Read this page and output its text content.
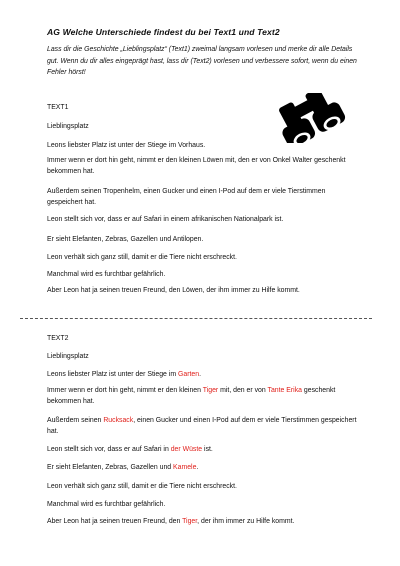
AG Welche Unterschiede findest du bei Text1 und Text2
Lass dir die Geschichte „Lieblingsplatz“ (Text1) zweimal langsam vorlesen und merke dir alle Details gut. Wenn du dir alles eingeprägt hast, lass dir (Text2) vorlesen und verbessere sofort, wenn du einen Fehler hörst!

TEXT1

Lieblingsplatz

Leons liebster Platz ist unter der Stiege im Vorhaus.

Immer wenn er dort hin geht, nimmt er den kleinen Löwen mit, den er von Onkel Walter geschenkt bekommen hat.

Außerdem seinen Tropenhelm, einen Gucker und einen I-Pod auf dem er viele Tierstimmen gespeichert hat.

Leon stellt sich vor, dass er auf Safari in einem afrikanischen Nationalpark ist.

Er sieht Elefanten, Zebras, Gazellen und Antilopen.

Leon verhält sich ganz still, damit er die Tiere nicht erschreckt.

Manchmal wird es furchtbar gefährlich.

Aber Leon hat ja seinen treuen Freund, den Löwen, der ihm immer zu Hilfe kommt.

TEXT2

Lieblingsplatz

Leons liebster Platz ist unter der Stiege im Garten.

Immer wenn er dort hin geht, nimmt er den kleinen Tiger mit, den er von Tante Erika geschenkt bekommen hat.

Außerdem seinen Rucksack, einen Gucker und einen I-Pod auf dem er viele Tierstimmen gespeichert hat.

Leon stellt sich vor, dass er auf Safari in der Wüste ist.

Er sieht Elefanten, Zebras, Gazellen und Kamele.

Leon verhält sich ganz still, damit er die Tiere nicht erschreckt.

Manchmal wird es furchtbar gefährlich.

Aber Leon hat ja seinen treuen Freund, den Tiger, der ihm immer zu Hilfe kommt.
